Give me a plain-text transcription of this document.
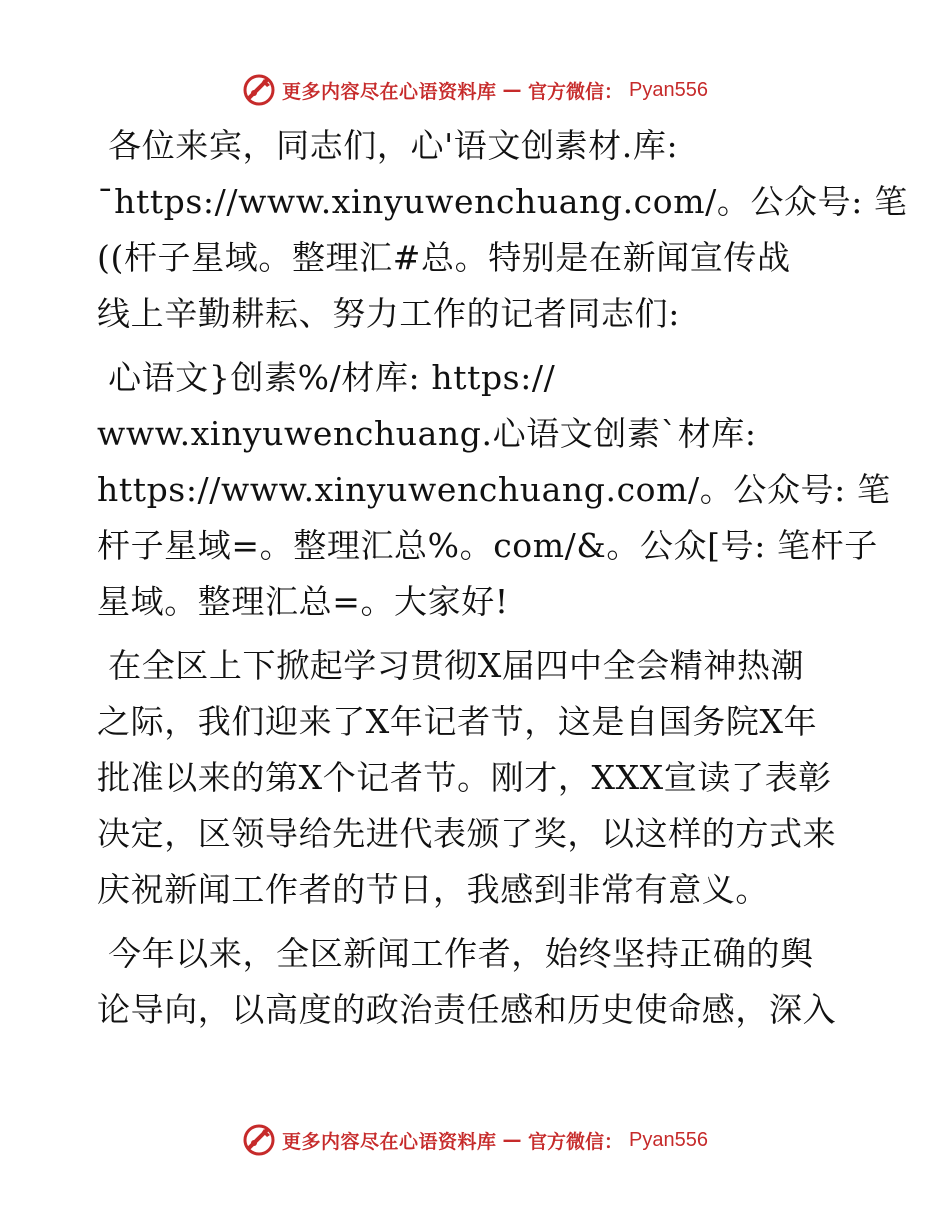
更多内容尽在心语资料库 — 官方微信： Pyan556
各位来宾，同志们，心'语文创素材.库:
¯https://www.xinyuwenchuang.com/。公众号: 笔
((杆子星域。整理汇#总。特别是在新闻宣传战
线上辛勤耕耘、努力工作的记者同志们:
心语文}创素%/材库: https://
www.xinyuwenchuang.心语文创素`材库:
https://www.xinyuwenchuang.com/。公众号: 笔
杆子星域=。整理汇总%。com/&。公众[号: 笔杆子
星域。整理汇总=。大家好!
在全区上下掀起学习贯彻X届四中全会精神热潮
之际，我们迎来了X年记者节，这是自国务院X年
批准以来的第X个记者节。刚才，XXX宣读了表彰
决定，区领导给先进代表颁了奖，以这样的方式来
庆祝新闻工作者的节日，我感到非常有意义。
今年以来，全区新闻工作者，始终坚持正确的舆
论导向，以高度的政治责任感和历史使命感，深入
更多内容尽在心语资料库 — 官方微信： Pyan556
